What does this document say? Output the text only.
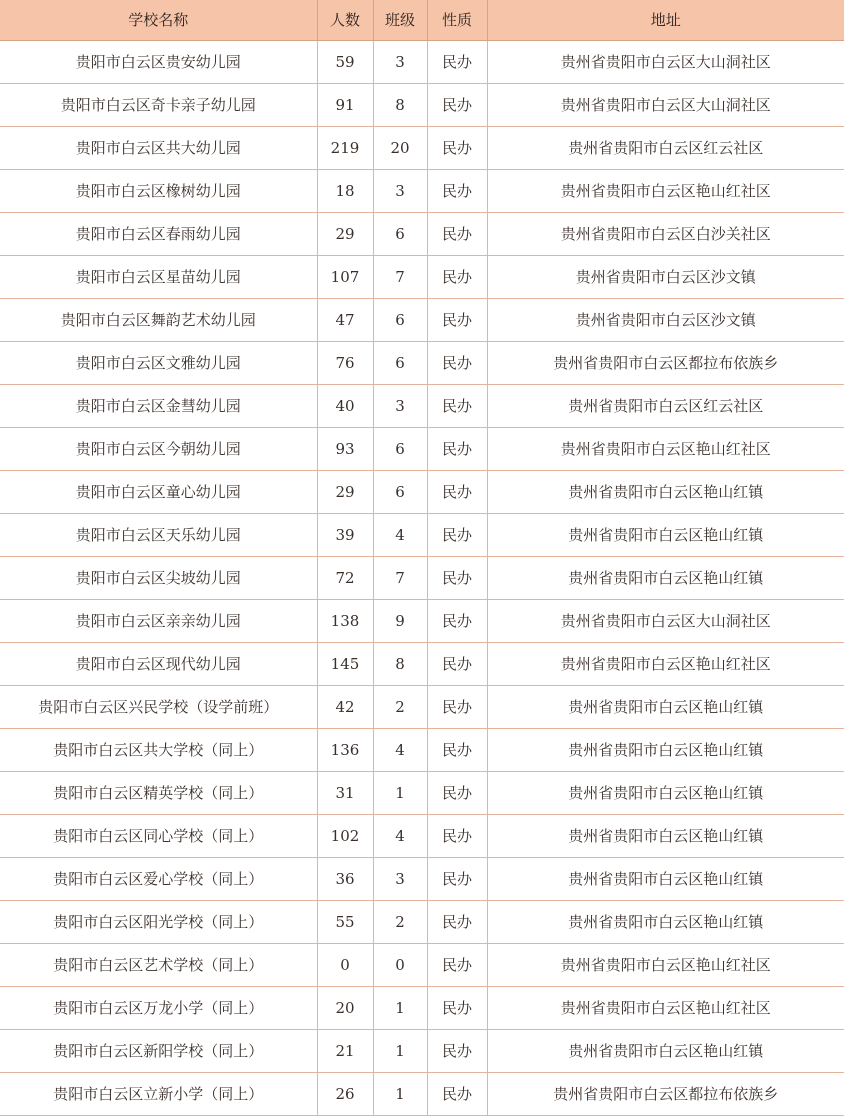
学校名称	人数	班级	性质	地址
贵阳市白云区贵安幼儿园	59	3	民办	贵州省贵阳市白云区大山洞社区
贵阳市白云区奇卡亲子幼儿园	91	8	民办	贵州省贵阳市白云区大山洞社区
贵阳市白云区共大幼儿园	219	20	民办	贵州省贵阳市白云区红云社区
贵阳市白云区橡树幼儿园	18	3	民办	贵州省贵阳市白云区艳山红社区
贵阳市白云区春雨幼儿园	29	6	民办	贵州省贵阳市白云区白沙关社区
贵阳市白云区星苗幼儿园	107	7	民办	贵州省贵阳市白云区沙文镇
贵阳市白云区舞韵艺术幼儿园	47	6	民办	贵州省贵阳市白云区沙文镇
贵阳市白云区文雅幼儿园	76	6	民办	贵州省贵阳市白云区都拉布依族乡
贵阳市白云区金彗幼儿园	40	3	民办	贵州省贵阳市白云区红云社区
贵阳市白云区今朝幼儿园	93	6	民办	贵州省贵阳市白云区艳山红社区
贵阳市白云区童心幼儿园	29	6	民办	贵州省贵阳市白云区艳山红镇
贵阳市白云区天乐幼儿园	39	4	民办	贵州省贵阳市白云区艳山红镇
贵阳市白云区尖坡幼儿园	72	7	民办	贵州省贵阳市白云区艳山红镇
贵阳市白云区亲亲幼儿园	138	9	民办	贵州省贵阳市白云区大山洞社区
贵阳市白云区现代幼儿园	145	8	民办	贵州省贵阳市白云区艳山红社区
贵阳市白云区兴民学校（设学前班）	42	2	民办	贵州省贵阳市白云区艳山红镇
贵阳市白云区共大学校（同上）	136	4	民办	贵州省贵阳市白云区艳山红镇
贵阳市白云区精英学校（同上）	31	1	民办	贵州省贵阳市白云区艳山红镇
贵阳市白云区同心学校（同上）	102	4	民办	贵州省贵阳市白云区艳山红镇
贵阳市白云区爱心学校（同上）	36	3	民办	贵州省贵阳市白云区艳山红镇
贵阳市白云区阳光学校（同上）	55	2	民办	贵州省贵阳市白云区艳山红镇
贵阳市白云区艺术学校（同上）	0	0	民办	贵州省贵阳市白云区艳山红社区
贵阳市白云区万龙小学（同上）	20	1	民办	贵州省贵阳市白云区艳山红社区
贵阳市白云区新阳学校（同上）	21	1	民办	贵州省贵阳市白云区艳山红镇
贵阳市白云区立新小学（同上）	26	1	民办	贵州省贵阳市白云区都拉布依族乡
